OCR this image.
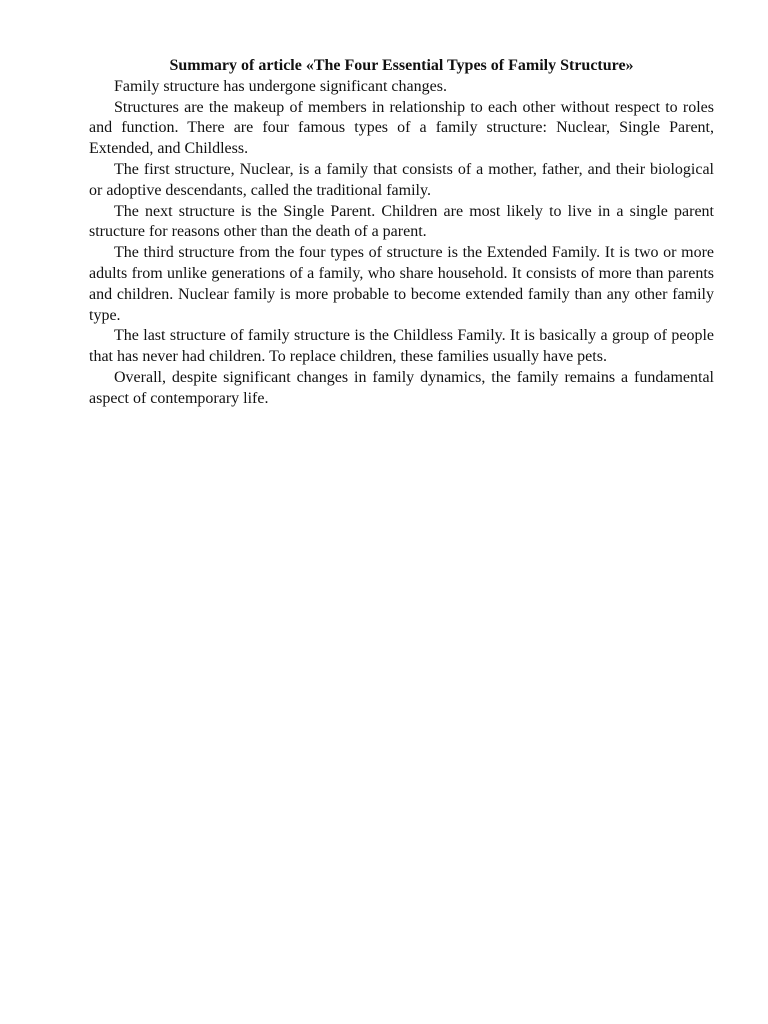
Summary of article «The Four Essential Types of Family Structure»

Family structure has undergone significant changes.

Structures are the makeup of members in relationship to each other without respect to roles and function. There are four famous types of a family structure: Nuclear, Single Parent, Extended, and Childless.

The first structure, Nuclear, is a family that consists of a mother, father, and their biological or adoptive descendants, called the traditional family.

The next structure is the Single Parent. Children are most likely to live in a single parent structure for reasons other than the death of a parent.

The third structure from the four types of structure is the Extended Family. It is two or more adults from unlike generations of a family, who share household. It consists of more than parents and children. Nuclear family is more probable to become extended family than any other family type.

The last structure of family structure is the Childless Family. It is basically a group of people that has never had children. To replace children, these families usually have pets.

Overall, despite significant changes in family dynamics, the family remains a fundamental aspect of contemporary life.
